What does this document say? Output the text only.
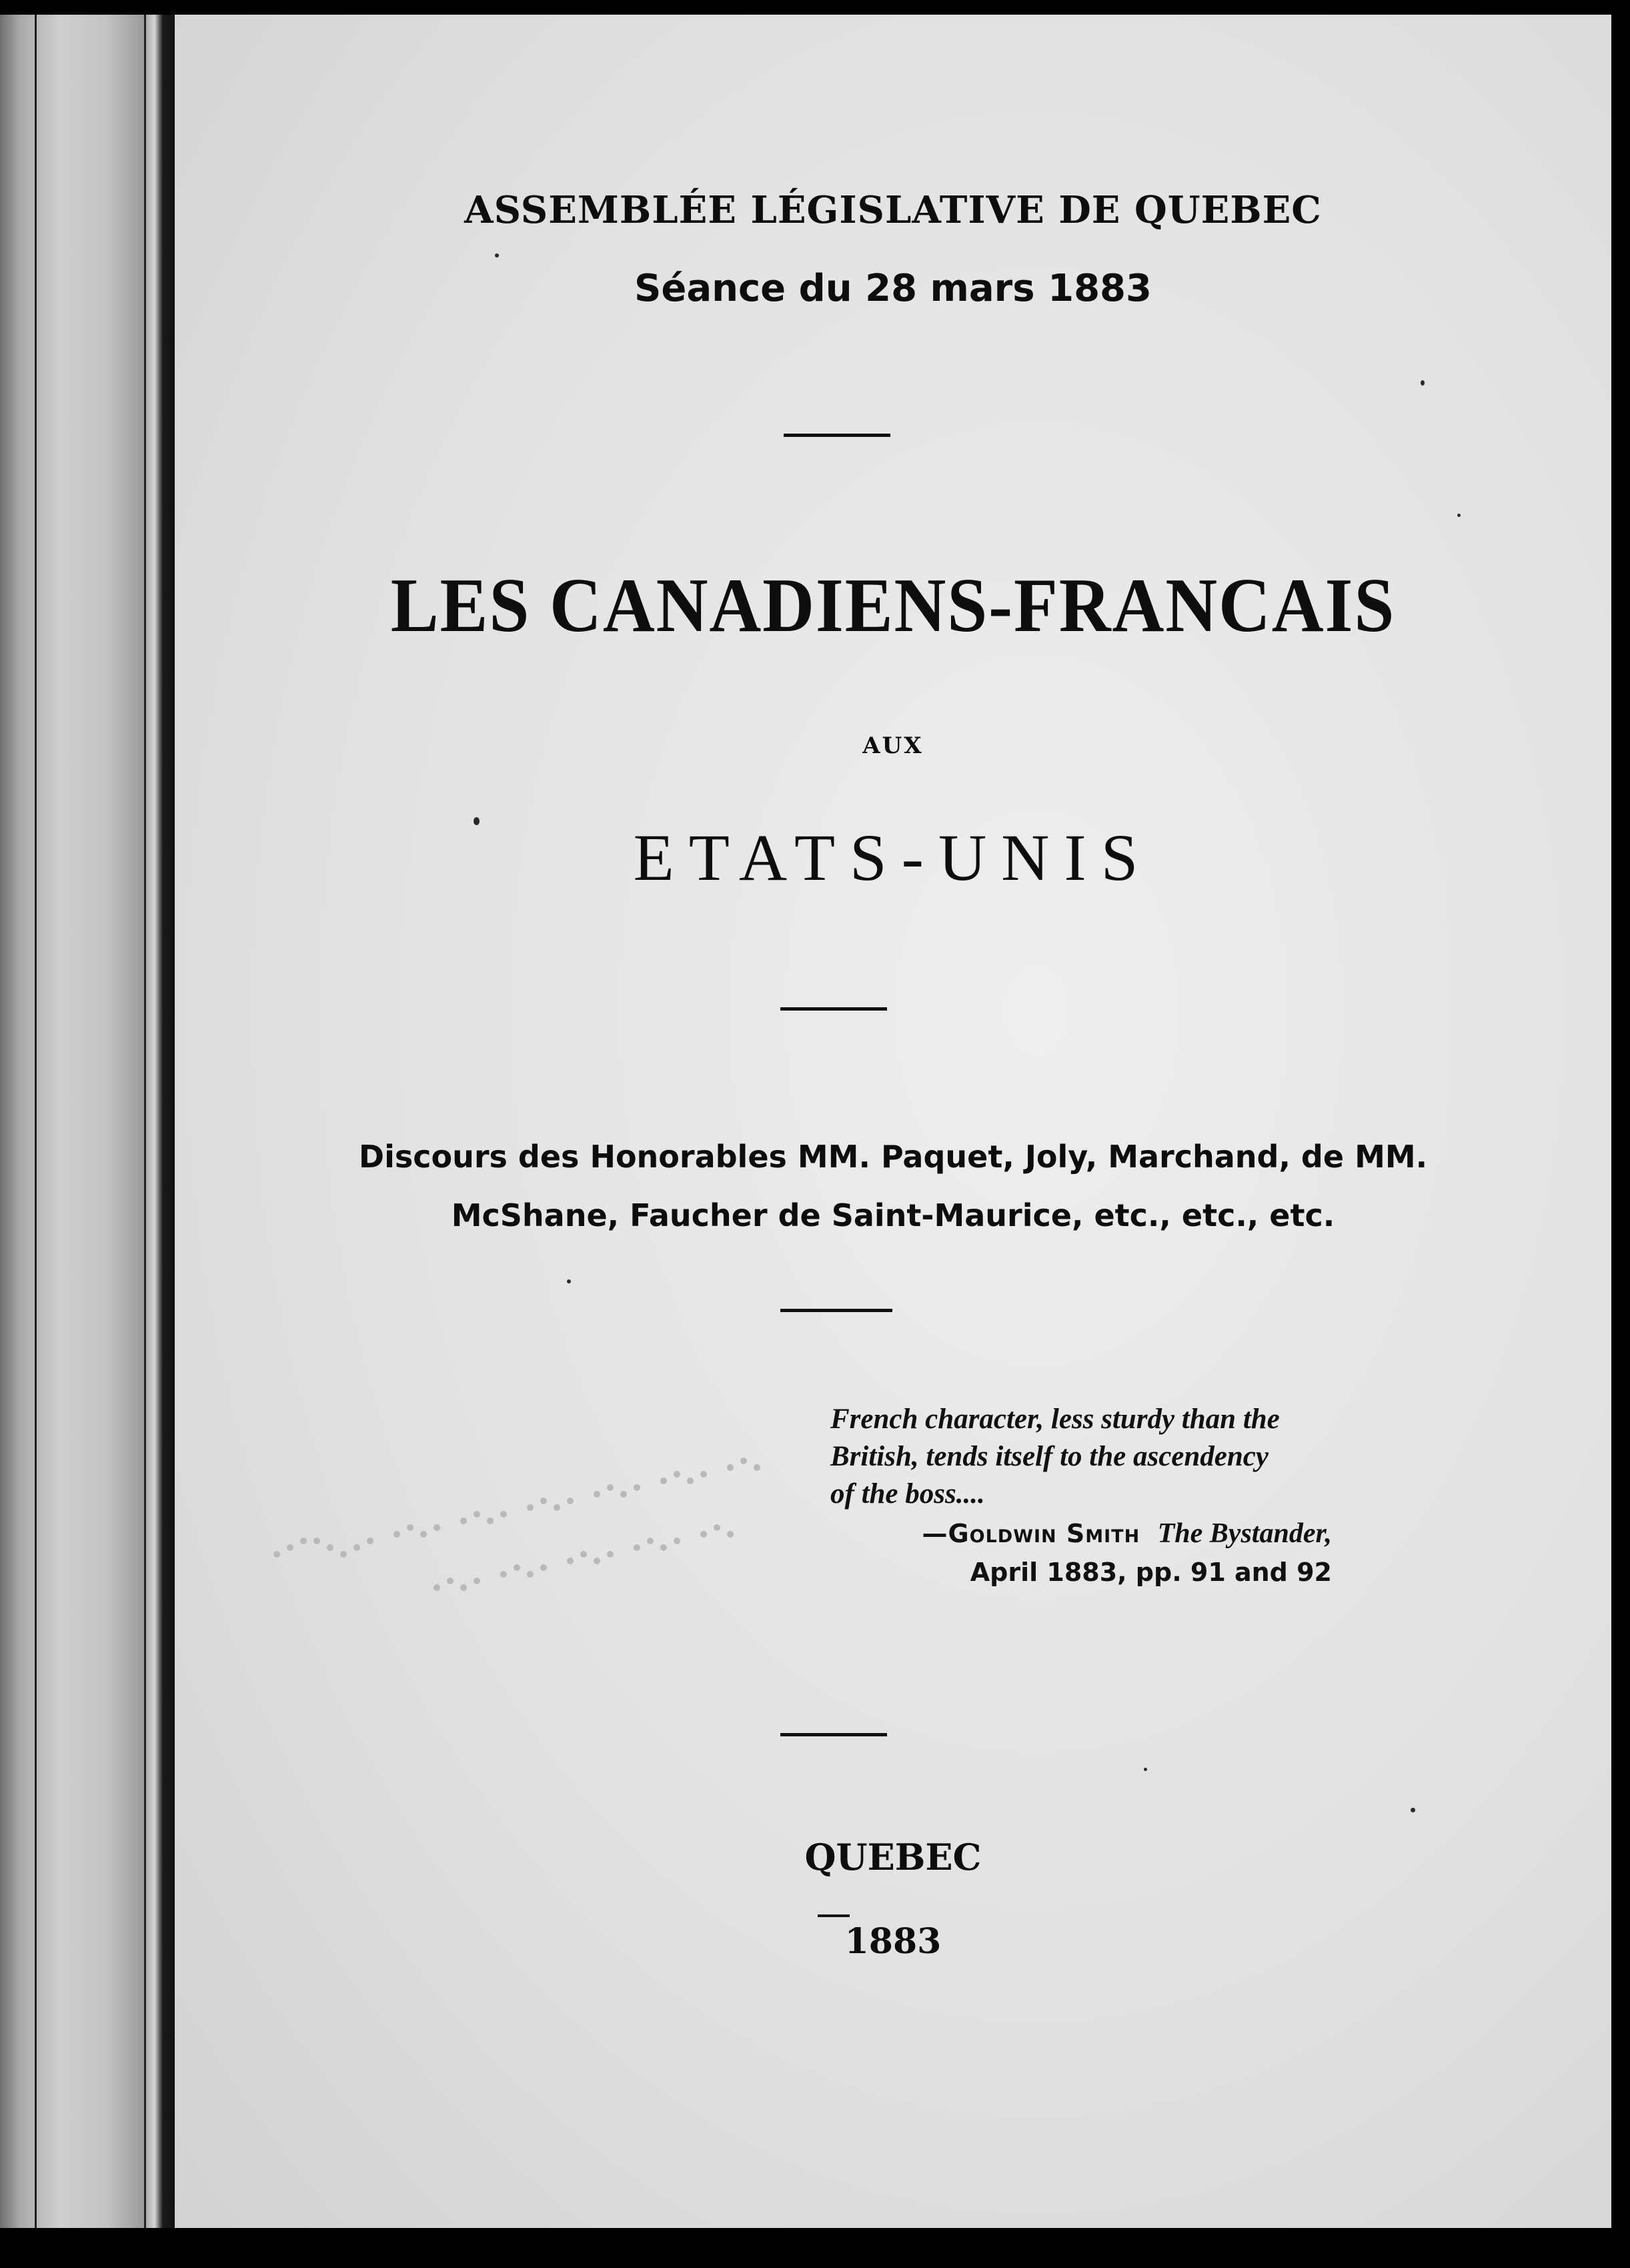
ASSEMBLÉE LÉGISLATIVE DE QUEBEC

Séance du 28 mars 1883

LES CANADIENS-FRANCAIS

AUX

ETATS-UNIS

Discours des Honorables MM. Paquet, Joly, Marchand, de MM.
McShane, Faucher de Saint-Maurice, etc., etc., etc.

French character, less sturdy than the

British, tends itself to the ascendency

of the boss....

—Goldwin Smith The Bystander,

April 1883, pp. 91 and 92

QUEBEC

1883
